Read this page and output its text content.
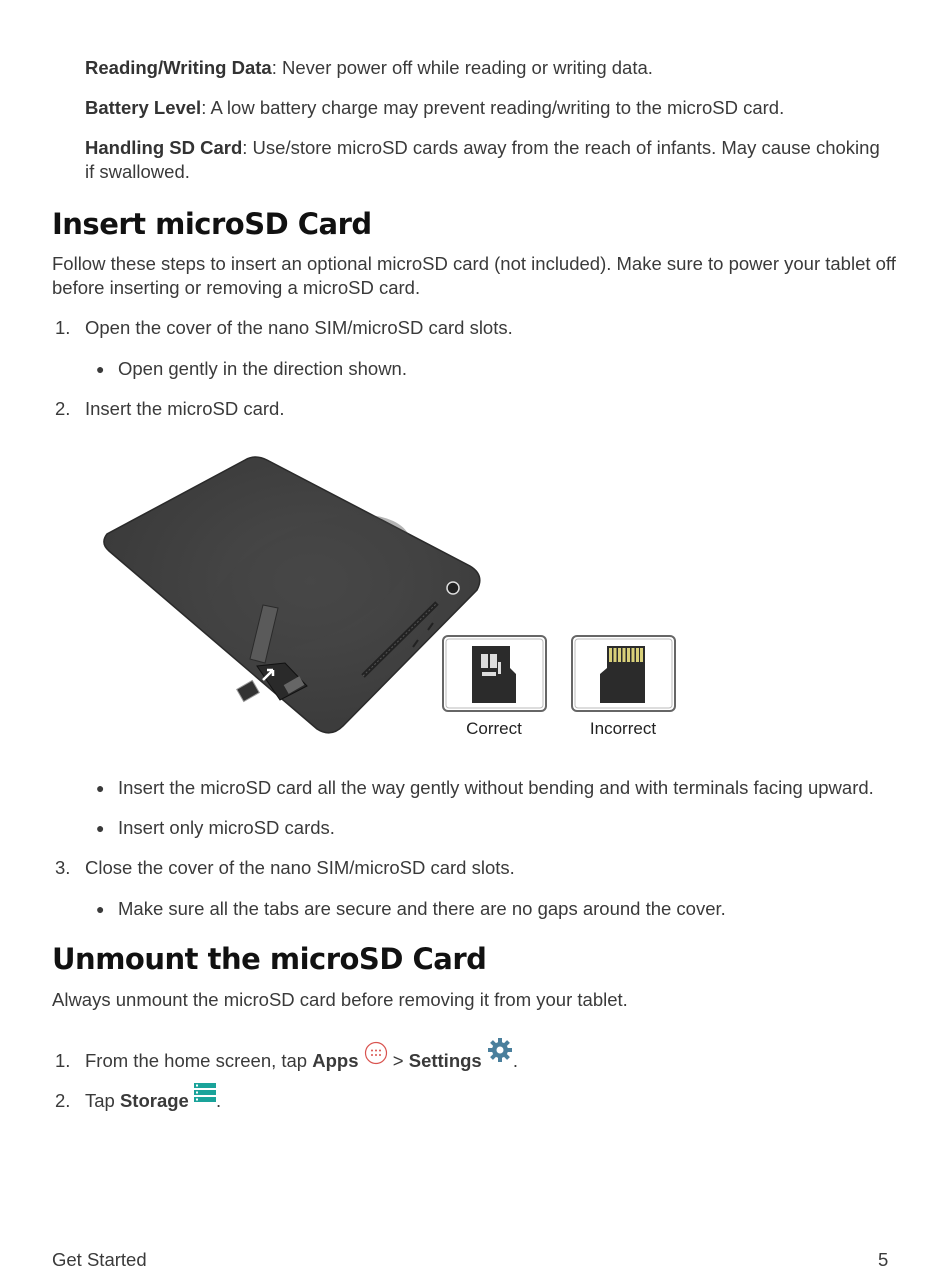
Reading/Writing Data: Never power off while reading or writing data.
Battery Level: A low battery charge may prevent reading/writing to the microSD card.
Handling SD Card: Use/store microSD cards away from the reach of infants. May cause choking if swallowed.
Insert microSD Card
Follow these steps to insert an optional microSD card (not included). Make sure to power your tablet off before inserting or removing a microSD card.
1. Open the cover of the nano SIM/microSD card slots.
● Open gently in the direction shown.
2. Insert the microSD card.
Correct	Incorrect
● Insert the microSD card all the way gently without bending and with terminals facing upward.
● Insert only microSD cards.
3. Close the cover of the nano SIM/microSD card slots.
● Make sure all the tabs are secure and there are no gaps around the cover.
Unmount the microSD Card
Always unmount the microSD card before removing it from your tablet.
1. From the home screen, tap Apps  > Settings .
2. Tap Storage .
Get Started	5
